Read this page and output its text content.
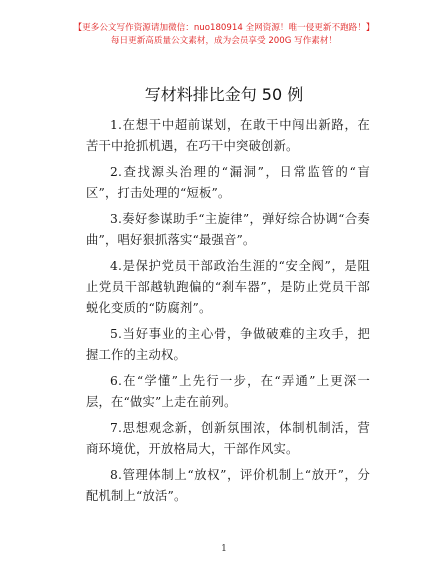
【更多公文写作资源请加微信：nuo180914 全网资源！唯一侵更新不跑路！】
每日更新高质量公文素材，成为会员享受 200G 写作素材！
写材料排比金句 50 例

1.在想干中超前谋划，在敢干中闯出新路，在苦干中抢抓机遇，在巧干中突破创新。

2.查找源头治理的“漏洞”，日常监管的“盲区”，打击处理的“短板”。

3.奏好参谋助手“主旋律”，弹好综合协调“合奏曲”，唱好狠抓落实“最强音”。

4.是保护党员干部政治生涯的“安全阀”，是阻止党员干部越轨跑偏的“刹车器”，是防止党员干部蜕化变质的“防腐剂”。

5.当好事业的主心骨，争做破难的主攻手，把握工作的主动权。

6.在“学懂”上先行一步，在“弄通”上更深一层，在“做实”上走在前列。

7.思想观念新，创新氛围浓，体制机制活，营商环境优，开放格局大，干部作风实。

8.管理体制上“放权”，评价机制上“放开”，分配机制上“放活”。

1
